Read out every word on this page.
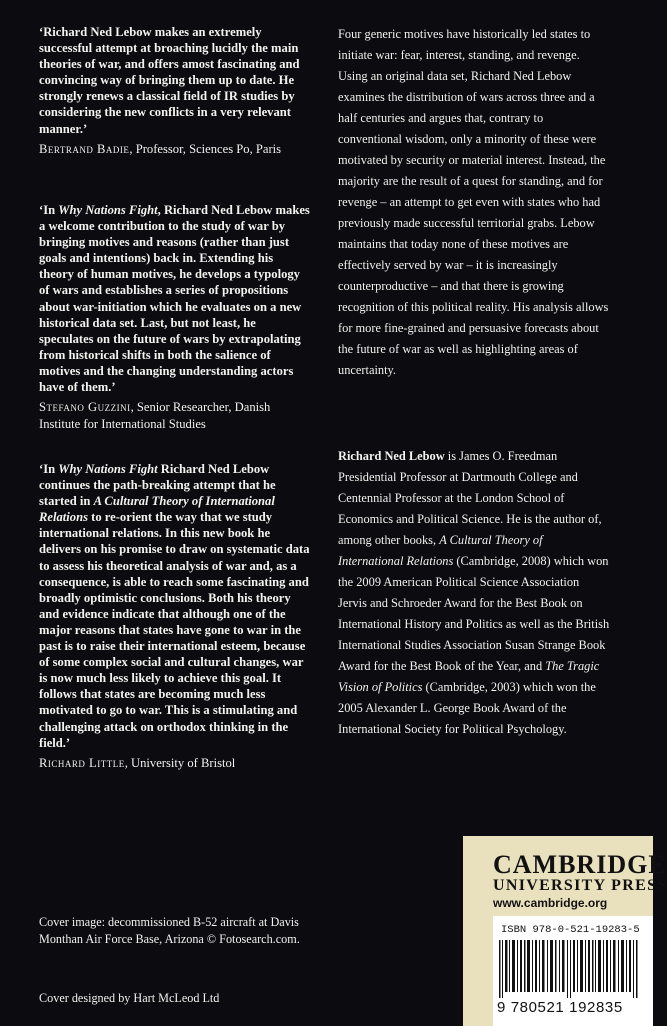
‘Richard Ned Lebow makes an extremely successful attempt at broaching lucidly the main theories of war, and offers amost fascinating and convincing way of bringing them up to date. He strongly renews a classical field of IR studies by considering the new conflicts in a very relevant manner.’

Bertrand Badie, Professor, Sciences Po, Paris

‘In Why Nations Fight, Richard Ned Lebow makes a welcome contribution to the study of war by bringing motives and reasons (rather than just goals and intentions) back in. Extending his theory of human motives, he develops a typology of wars and establishes a series of propositions about war-initiation which he evaluates on a new historical data set. Last, but not least, he speculates on the future of wars by extrapolating from historical shifts in both the salience of motives and the changing understanding actors have of them.’

Stefano Guzzini, Senior Researcher, Danish Institute for International Studies

‘In Why Nations Fight Richard Ned Lebow continues the path-breaking attempt that he started in A Cultural Theory of International Relations to re-orient the way that we study international relations. In this new book he delivers on his promise to draw on systematic data to assess his theoretical analysis of war and, as a consequence, is able to reach some fascinating and broadly optimistic conclusions. Both his theory and evidence indicate that although one of the major reasons that states have gone to war in the past is to raise their international esteem, because of some complex social and cultural changes, war is now much less likely to achieve this goal. It follows that states are becoming much less motivated to go to war. This is a stimulating and challenging attack on orthodox thinking in the field.’

Richard Little, University of Bristol

Cover image: decommissioned B-52 aircraft at Davis Monthan Air Force Base, Arizona © Fotosearch.com.
Cover designed by Hart McLeod Ltd

Four generic motives have historically led states to initiate war: fear, interest, standing, and revenge. Using an original data set, Richard Ned Lebow examines the distribution of wars across three and a half centuries and argues that, contrary to conventional wisdom, only a minority of these were motivated by security or material interest. Instead, the majority are the result of a quest for standing, and for revenge – an attempt to get even with states who had previously made successful territorial grabs. Lebow maintains that today none of these motives are effectively served by war – it is increasingly counterproductive – and that there is growing recognition of this political reality. His analysis allows for more fine-grained and persuasive forecasts about the future of war as well as highlighting areas of uncertainty.

Richard Ned Lebow is James O. Freedman Presidential Professor at Dartmouth College and Centennial Professor at the London School of Economics and Political Science. He is the author of, among other books, A Cultural Theory of International Relations (Cambridge, 2008) which won the 2009 American Political Science Association Jervis and Schroeder Award for the Best Book on International History and Politics as well as the British International Studies Association Susan Strange Book Award for the Best Book of the Year, and The Tragic Vision of Politics (Cambridge, 2003) which won the 2005 Alexander L. George Book Award of the International Society for Political Psychology.

CAMBRIDGE
UNIVERSITY PRESS
www.cambridge.org
ISBN 978-0-521-19283-5
9 780521 192835
